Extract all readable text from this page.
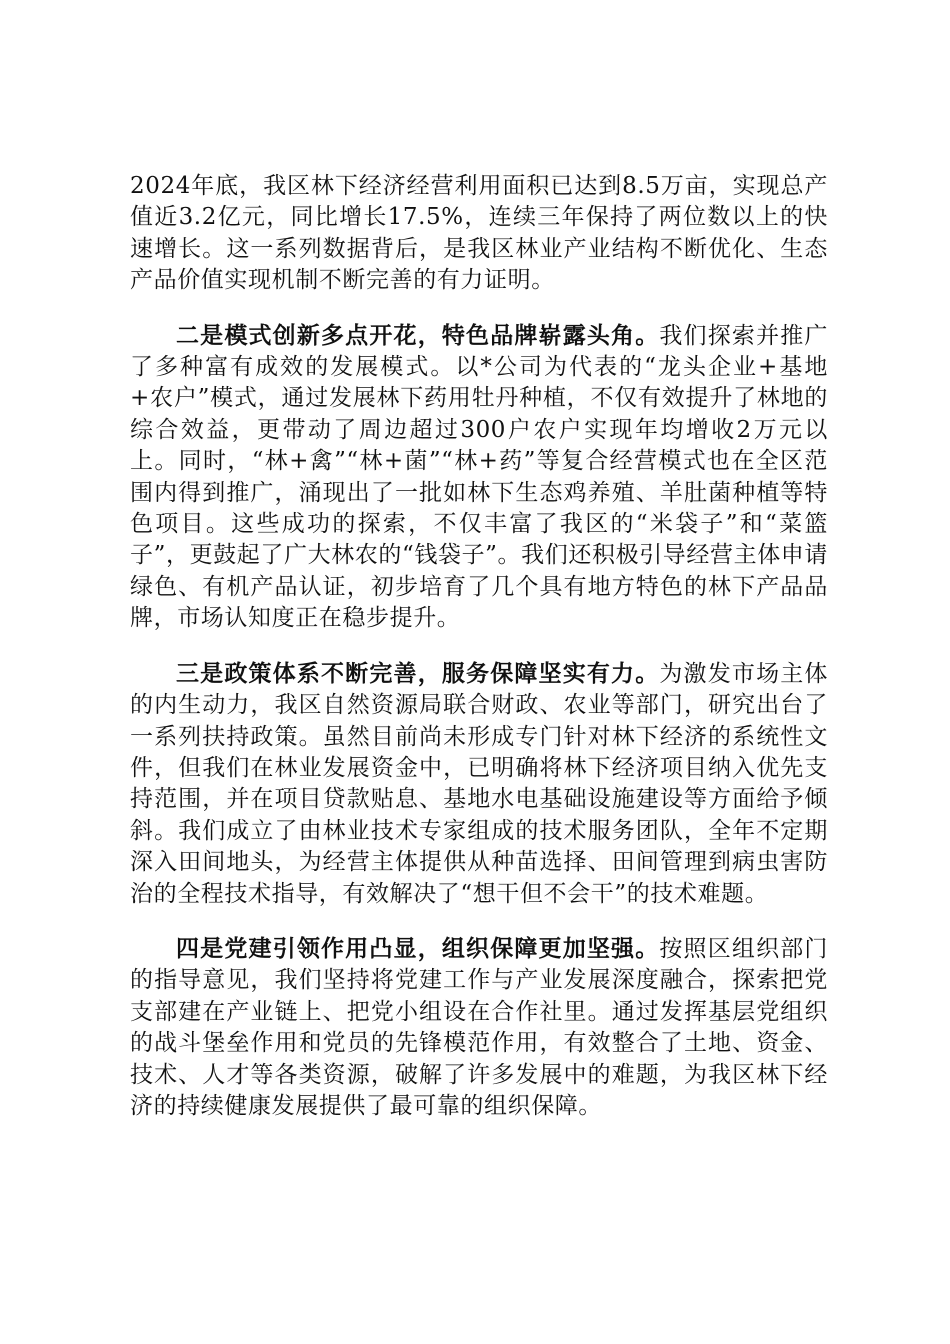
2024年底，我区林下经济经营利用面积已达到8.5万亩，实现总产值近3.2亿元，同比增长17.5%，连续三年保持了两位数以上的快速增长。这一系列数据背后，是我区林业产业结构不断优化、生态产品价值实现机制不断完善的有力证明。

二是模式创新多点开花，特色品牌崭露头角。我们探索并推广了多种富有成效的发展模式。以*公司为代表的“龙头企业+基地+农户”模式，通过发展林下药用牡丹种植，不仅有效提升了林地的综合效益，更带动了周边超过300户农户实现年均增收2万元以上。同时，“林+禽”“林+菌”“林+药”等复合经营模式也在全区范围内得到推广，涌现出了一批如林下生态鸡养殖、羊肚菌种植等特色项目。这些成功的探索，不仅丰富了我区的“米袋子”和“菜篮子”，更鼓起了广大林农的“钱袋子”。我们还积极引导经营主体申请绿色、有机产品认证，初步培育了几个具有地方特色的林下产品品牌，市场认知度正在稳步提升。

三是政策体系不断完善，服务保障坚实有力。为激发市场主体的内生动力，我区自然资源局联合财政、农业等部门，研究出台了一系列扶持政策。虽然目前尚未形成专门针对林下经济的系统性文件，但我们在林业发展资金中，已明确将林下经济项目纳入优先支持范围，并在项目贷款贴息、基地水电基础设施建设等方面给予倾斜。我们成立了由林业技术专家组成的技术服务团队，全年不定期深入田间地头，为经营主体提供从种苗选择、田间管理到病虫害防治的全程技术指导，有效解决了“想干但不会干”的技术难题。

四是党建引领作用凸显，组织保障更加坚强。按照区组织部门的指导意见，我们坚持将党建工作与产业发展深度融合，探索把党支部建在产业链上、把党小组设在合作社里。通过发挥基层党组织的战斗堡垒作用和党员的先锋模范作用，有效整合了土地、资金、技术、人才等各类资源，破解了许多发展中的难题，为我区林下经济的持续健康发展提供了最可靠的组织保障。
